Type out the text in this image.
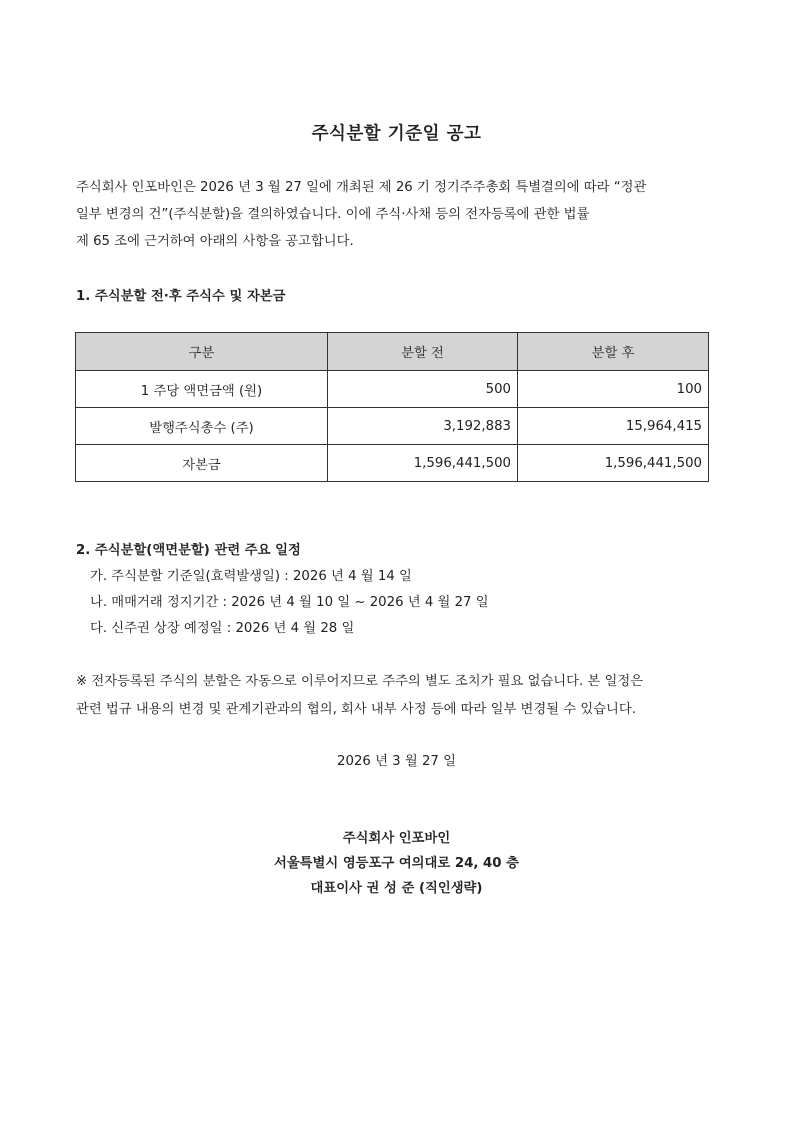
주식분할 기준일 공고
주식회사 인포바인은 2026 년 3 월 27 일에 개최된 제 26 기 정기주주총회 특별결의에 따라 “정관
일부 변경의 건”(주식분할)을 결의하였습니다. 이에 주식·사채 등의 전자등록에 관한 법률
제 65 조에 근거하여 아래의 사항을 공고합니다.
1. 주식분할 전·후 주식수 및 자본금
구분	분할 전	분할 후
1 주당 액면금액 (원)	500	100
발행주식총수 (주)	3,192,883	15,964,415
자본금	1,596,441,500	1,596,441,500
2. 주식분할(액면분할) 관련 주요 일정
가. 주식분할 기준일(효력발생일) : 2026 년 4 월 14 일
나. 매매거래 정지기간 : 2026 년 4 월 10 일 ~ 2026 년 4 월 27 일
다. 신주권 상장 예정일 : 2026 년 4 월 28 일
※ 전자등록된 주식의 분할은 자동으로 이루어지므로 주주의 별도 조치가 필요 없습니다. 본 일정은
관련 법규 내용의 변경 및 관계기관과의 협의, 회사 내부 사정 등에 따라 일부 변경될 수 있습니다.
2026 년 3 월 27 일
주식회사 인포바인
서울특별시 영등포구 여의대로 24, 40 층
대표이사 권 성 준 (직인생략)
